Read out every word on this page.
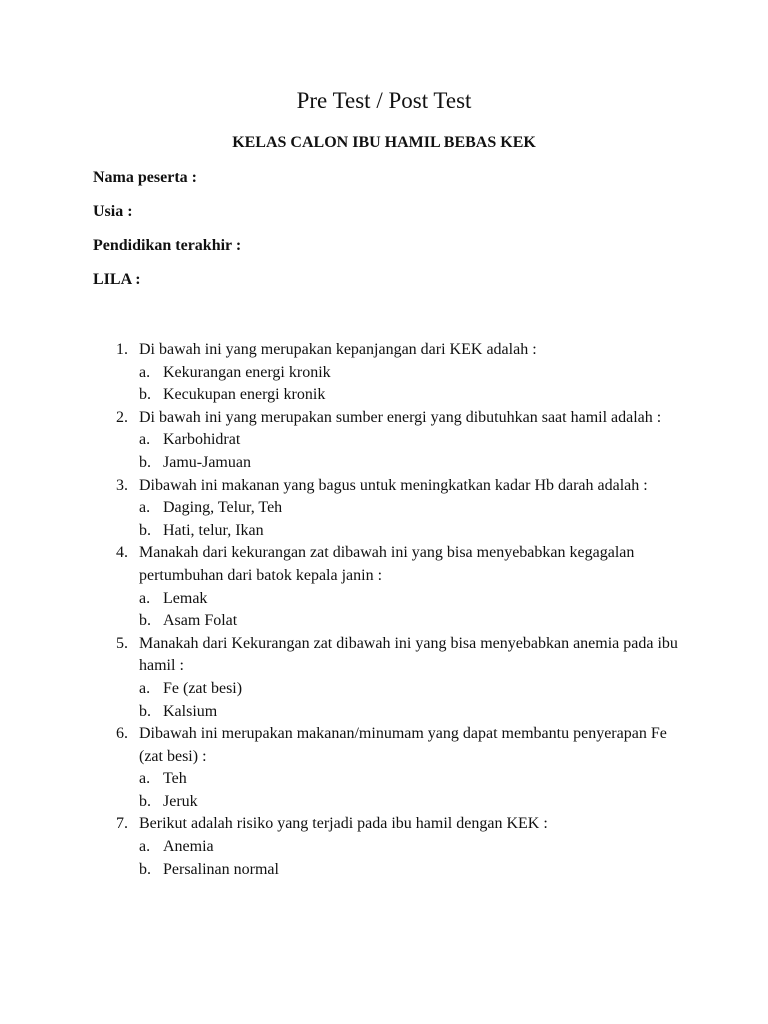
Pre Test / Post Test
KELAS CALON IBU HAMIL BEBAS KEK
Nama peserta :
Usia :
Pendidikan terakhir :
LILA :
1. Di bawah ini yang merupakan kepanjangan dari KEK adalah :
a. Kekurangan energi kronik
b. Kecukupan energi kronik
2. Di bawah ini yang merupakan sumber energi yang dibutuhkan saat hamil adalah :
a. Karbohidrat
b. Jamu-Jamuan
3. Dibawah ini makanan yang bagus untuk meningkatkan kadar Hb darah adalah :
a. Daging, Telur, Teh
b. Hati, telur, Ikan
4. Manakah dari kekurangan zat dibawah ini yang bisa menyebabkan kegagalan pertumbuhan dari batok kepala janin :
a. Lemak
b. Asam Folat
5. Manakah dari Kekurangan zat dibawah ini yang bisa menyebabkan anemia pada ibu hamil :
a. Fe (zat besi)
b. Kalsium
6. Dibawah ini merupakan makanan/minumam yang dapat membantu penyerapan Fe (zat besi) :
a. Teh
b. Jeruk
7. Berikut adalah risiko yang terjadi pada ibu hamil dengan KEK :
a. Anemia
b. Persalinan normal
